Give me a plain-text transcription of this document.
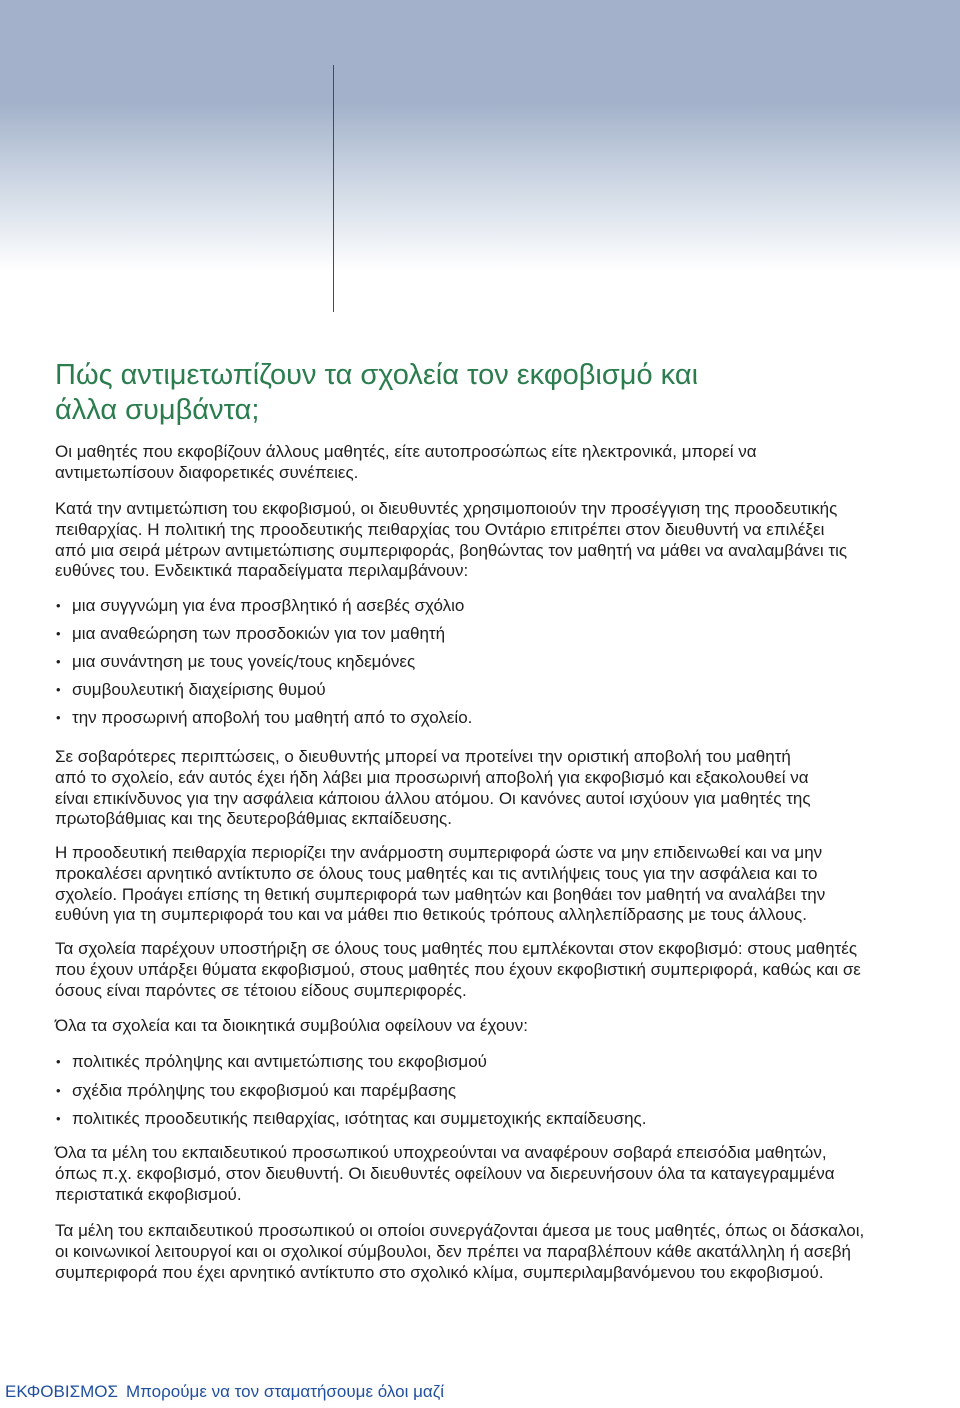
Πώς αντιμετωπίζουν τα σχολεία τον εκφοβισμό και
άλλα συμβάντα;
Οι μαθητές που εκφοβίζουν άλλους μαθητές, είτε αυτοπροσώπως είτε ηλεκτρονικά, μπορεί να
αντιμετωπίσουν διαφορετικές συνέπειες.
Κατά την αντιμετώπιση του εκφοβισμού, οι διευθυντές χρησιμοποιούν την προσέγγιση της προοδευτικής
πειθαρχίας. Η πολιτική της προοδευτικής πειθαρχίας του Οντάριο επιτρέπει στον διευθυντή να επιλέξει
από μια σειρά μέτρων αντιμετώπισης συμπεριφοράς, βοηθώντας τον μαθητή να μάθει να αναλαμβάνει τις
ευθύνες του. Ενδεικτικά παραδείγματα περιλαμβάνουν:
• μια συγγνώμη για ένα προσβλητικό ή ασεβές σχόλιο
• μια αναθεώρηση των προσδοκιών για τον μαθητή
• μια συνάντηση με τους γονείς/τους κηδεμόνες
• συμβουλευτική διαχείρισης θυμού
• την προσωρινή αποβολή του μαθητή από το σχολείο.
Σε σοβαρότερες περιπτώσεις, ο διευθυντής μπορεί να προτείνει την οριστική αποβολή του μαθητή
από το σχολείο, εάν αυτός έχει ήδη λάβει μια προσωρινή αποβολή για εκφοβισμό και εξακολουθεί να
είναι επικίνδυνος για την ασφάλεια κάποιου άλλου ατόμου. Οι κανόνες αυτοί ισχύουν για μαθητές της
πρωτοβάθμιας και της δευτεροβάθμιας εκπαίδευσης.
Η προοδευτική πειθαρχία περιορίζει την ανάρμοστη συμπεριφορά ώστε να μην επιδεινωθεί και να μην
προκαλέσει αρνητικό αντίκτυπο σε όλους τους μαθητές και τις αντιλήψεις τους για την ασφάλεια και το
σχολείο. Προάγει επίσης τη θετική συμπεριφορά των μαθητών και βοηθάει τον μαθητή να αναλάβει την
ευθύνη για τη συμπεριφορά του και να μάθει πιο θετικούς τρόπους αλληλεπίδρασης με τους άλλους.
Τα σχολεία παρέχουν υποστήριξη σε όλους τους μαθητές που εμπλέκονται στον εκφοβισμό: στους μαθητές
που έχουν υπάρξει θύματα εκφοβισμού, στους μαθητές που έχουν εκφοβιστική συμπεριφορά, καθώς και σε
όσους είναι παρόντες σε τέτοιου είδους συμπεριφορές.
Όλα τα σχολεία και τα διοικητικά συμβούλια οφείλουν να έχουν:
• πολιτικές πρόληψης και αντιμετώπισης του εκφοβισμού
• σχέδια πρόληψης του εκφοβισμού και παρέμβασης
• πολιτικές προοδευτικής πειθαρχίας, ισότητας και συμμετοχικής εκπαίδευσης.
Όλα τα μέλη του εκπαιδευτικού προσωπικού υποχρεούνται να αναφέρουν σοβαρά επεισόδια μαθητών,
όπως π.χ. εκφοβισμό, στον διευθυντή. Οι διευθυντές οφείλουν να διερευνήσουν όλα τα καταγεγραμμένα
περιστατικά εκφοβισμού.
Τα μέλη του εκπαιδευτικού προσωπικού οι οποίοι συνεργάζονται άμεσα με τους μαθητές, όπως οι δάσκαλοι,
οι κοινωνικοί λειτουργοί και οι σχολικοί σύμβουλοι, δεν πρέπει να παραβλέπουν κάθε ακατάλληλη ή ασεβή
συμπεριφορά που έχει αρνητικό αντίκτυπο στο σχολικό κλίμα, συμπεριλαμβανόμενου του εκφοβισμού.
ΕΚΦΟΒΙΣΜΟΣ Μπορούμε να τον σταματήσουμε όλοι μαζί
